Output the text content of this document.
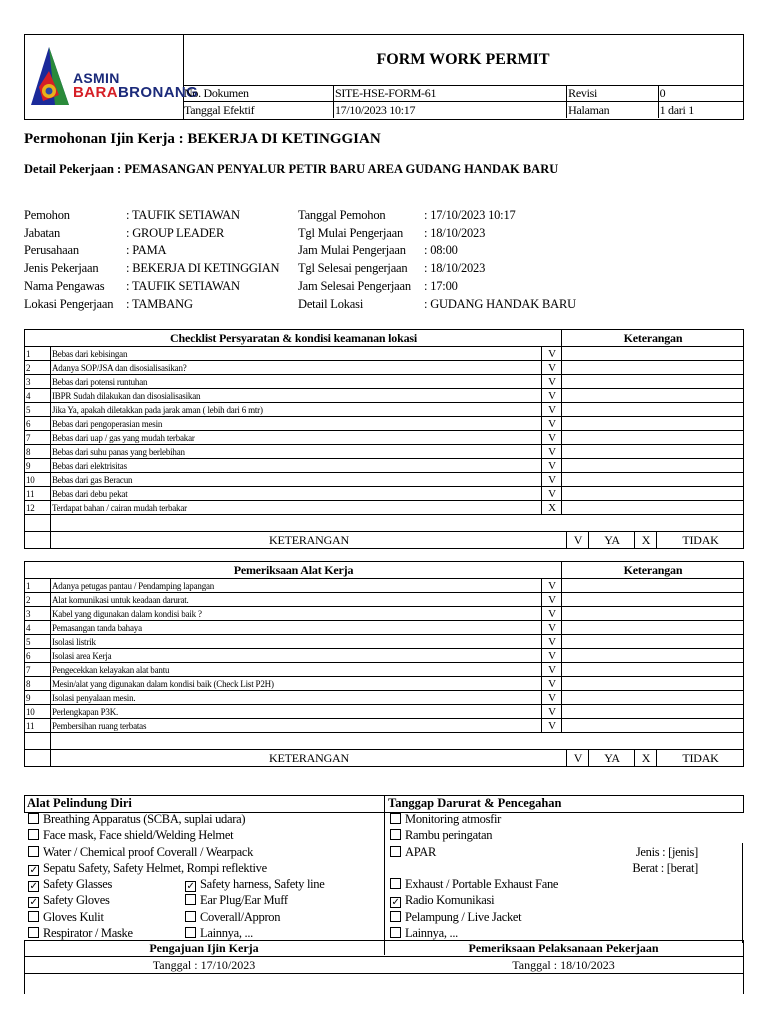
ASMIN
BARABRONANG
FORM WORK PERMIT
No. Dokumen	SITE-HSE-FORM-61	Revisi	0
Tanggal Efektif	17/10/2023 10:17	Halaman	1 dari 1
Permohonan Ijin Kerja : BEKERJA DI KETINGGIAN
Detail Pekerjaan : PEMASANGAN PENYALUR PETIR BARU AREA GUDANG HANDAK BARU
Pemohon	: TAUFIK SETIAWAN	Tanggal Pemohon	: 17/10/2023 10:17
Jabatan	: GROUP LEADER	Tgl Mulai Pengerjaan	: 18/10/2023
Perusahaan	: PAMA	Jam Mulai Pengerjaan	: 08:00
Jenis Pekerjaan	: BEKERJA DI KETINGGIAN	Tgl Selesai pengerjaan	: 18/10/2023
Nama Pengawas	: TAUFIK SETIAWAN	Jam Selesai Pengerjaan	: 17:00
Lokasi Pengerjaan	: TAMBANG	Detail Lokasi	: GUDANG HANDAK BARU
Checklist Persyaratan & kondisi keamanan lokasi	Keterangan
1	Bebas dari kebisingan	V	
2	Adanya SOP/JSA dan disosialisasikan?	V	
3	Bebas dari potensi runtuhan	V	
4	IBPR Sudah dilakukan dan disosialisasikan	V	
5	Jika Ya, apakah diletakkan pada jarak aman ( lebih dari 6 mtr)	V	
6	Bebas dari pengoperasian mesin	V	
7	Bebas dari uap / gas yang mudah terbakar	V	
8	Bebas dari suhu panas yang berlebihan	V	
9	Bebas dari elektrisitas	V	
10	Bebas dari gas Beracun	V	
11	Bebas dari debu pekat	V	
12	Terdapat bahan / cairan mudah terbakar	X	

KETERANGAN	V	YA	X	TIDAK
Pemeriksaan Alat Kerja	Keterangan
1	Adanya petugas pantau / Pendamping lapangan	V	
2	Alat komunikasi untuk keadaan darurat.	V	
3	Kabel yang digunakan dalam kondisi baik ?	V	
4	Pemasangan tanda bahaya	V	
5	Isolasi listrik	V	
6	Isolasi area Kerja	V	
7	Pengecekkan kelayakan alat bantu	V	
8	Mesin/alat yang digunakan dalam kondisi baik (Check List P2H)	V	
9	Isolasi penyalaan mesin.	V	
10	Perlengkapan P3K.	V	
11	Pembersihan ruang terbatas	V	

KETERANGAN	V	YA	X	TIDAK
Alat Pelindung Diri	Tanggap Darurat & Pencegahan
Breathing Apparatus (SCBA, suplai udara)
Face mask, Face shield/Welding Helmet
Water / Chemical proof Coverall / Wearpack
✓ Sepatu Safety, Safety Helmet, Rompi reflektive
✓ Safety Glasses	✓ Safety harness, Safety line
✓ Safety Gloves	Ear Plug/Ear Muff
Gloves Kulit	Coverall/Appron
Respirator / Maske	Lainnya, ...
Monitoring atmosfir
Rambu peringatan
APAR	Jenis : [jenis]
Berat : [berat]
Exhaust / Portable Exhaust Fane
✓ Radio Komunikasi
Pelampung / Live Jacket
Lainnya, ...
Pengajuan Ijin Kerja	Pemeriksaan Pelaksanaan Pekerjaan
Tanggal : 17/10/2023	Tanggal : 18/10/2023
